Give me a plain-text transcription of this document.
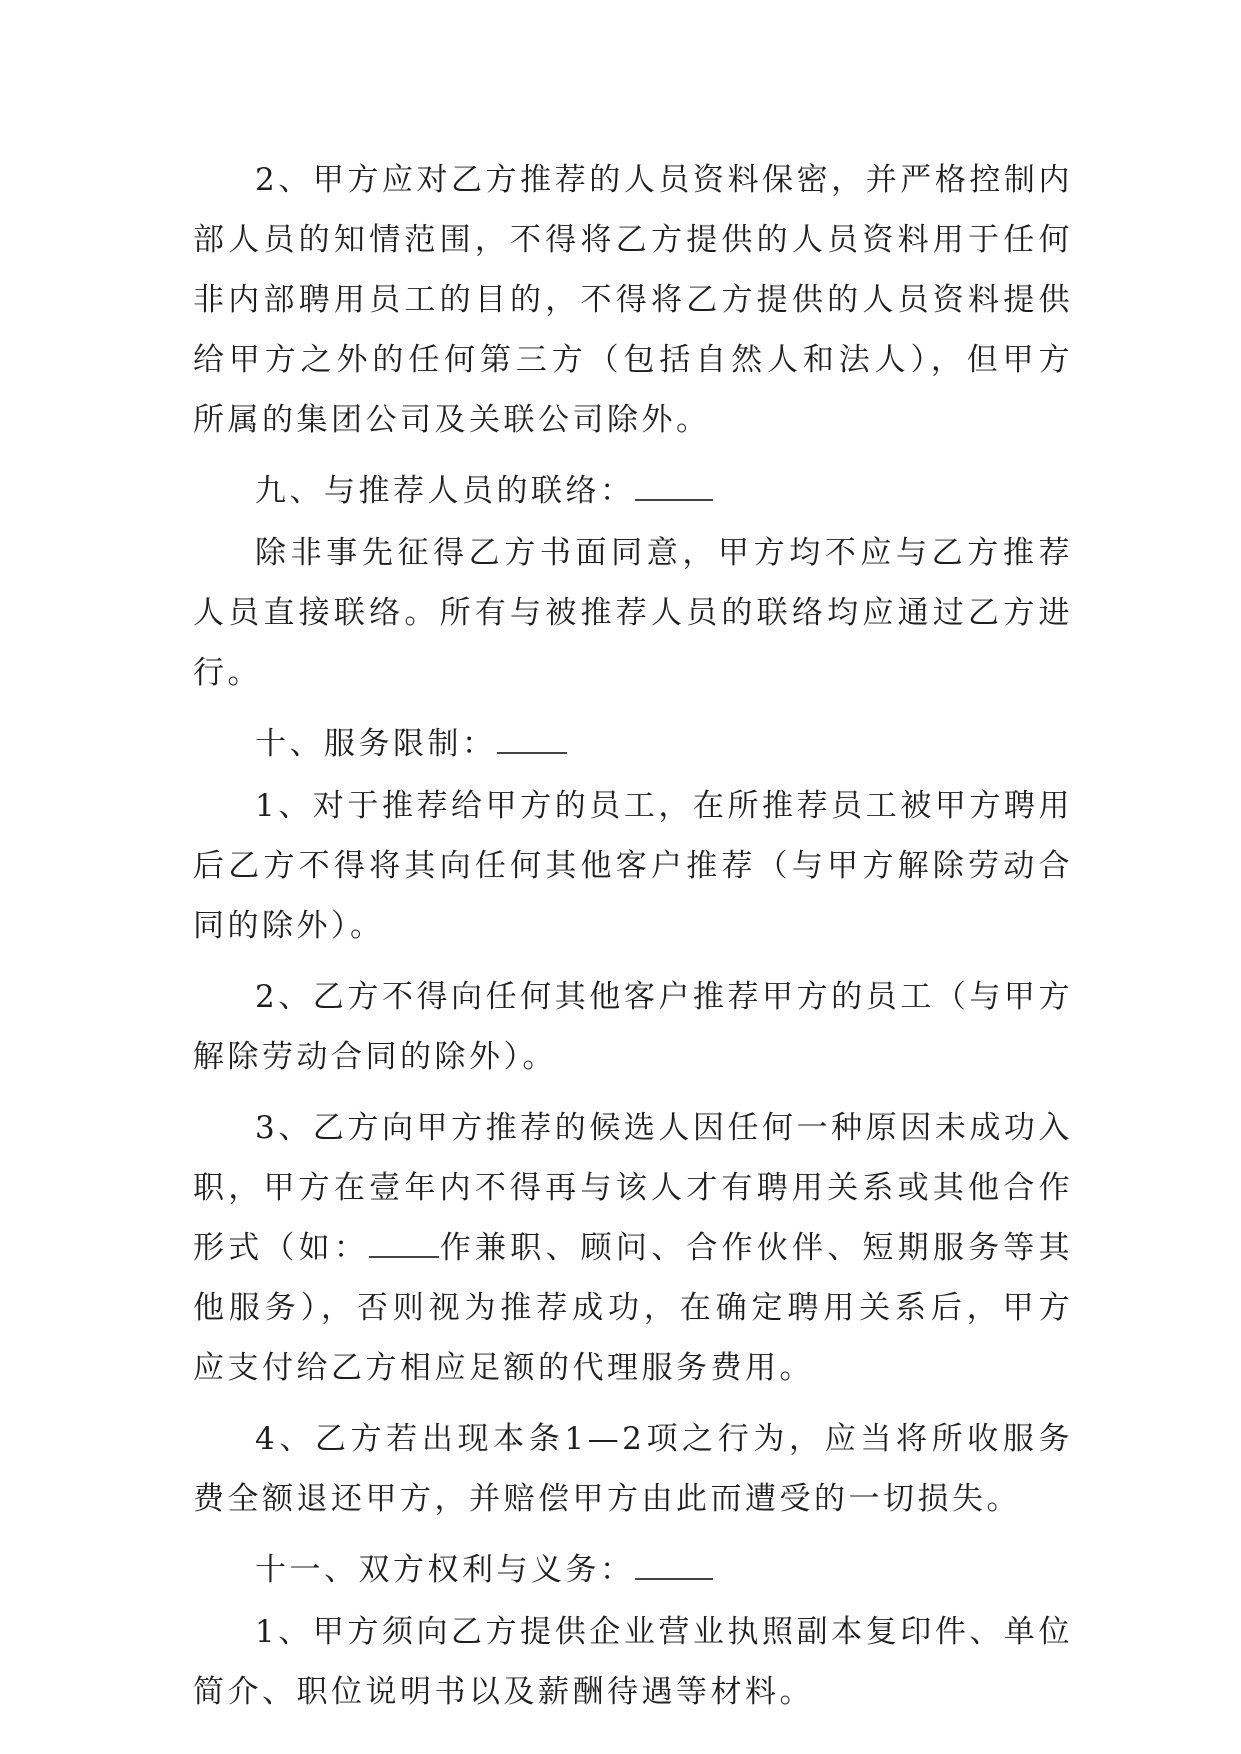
2、甲方应对乙方推荐的人员资料保密，并严格控制内部人员的知情范围，不得将乙方提供的人员资料用于任何非内部聘用员工的目的，不得将乙方提供的人员资料提供给甲方之外的任何第三方（包括自然人和法人），但甲方所属的集团公司及关联公司除外。

九、与推荐人员的联络：

除非事先征得乙方书面同意，甲方均不应与乙方推荐人员直接联络。所有与被推荐人员的联络均应通过乙方进行。

十、服务限制：

1、对于推荐给甲方的员工，在所推荐员工被甲方聘用后乙方不得将其向任何其他客户推荐（与甲方解除劳动合同的除外）。

2、乙方不得向任何其他客户推荐甲方的员工（与甲方解除劳动合同的除外）。

3、乙方向甲方推荐的候选人因任何一种原因未成功入职，甲方在壹年内不得再与该人才有聘用关系或其他合作形式（如： 作兼职、顾问、合作伙伴、短期服务等其他服务），否则视为推荐成功，在确定聘用关系后，甲方应支付给乙方相应足额的代理服务费用。

4、乙方若出现本条1—2项之行为，应当将所收服务费全额退还甲方，并赔偿甲方由此而遭受的一切损失。

十一、双方权利与义务：

1、甲方须向乙方提供企业营业执照副本复印件、单位简介、职位说明书以及薪酬待遇等材料。
